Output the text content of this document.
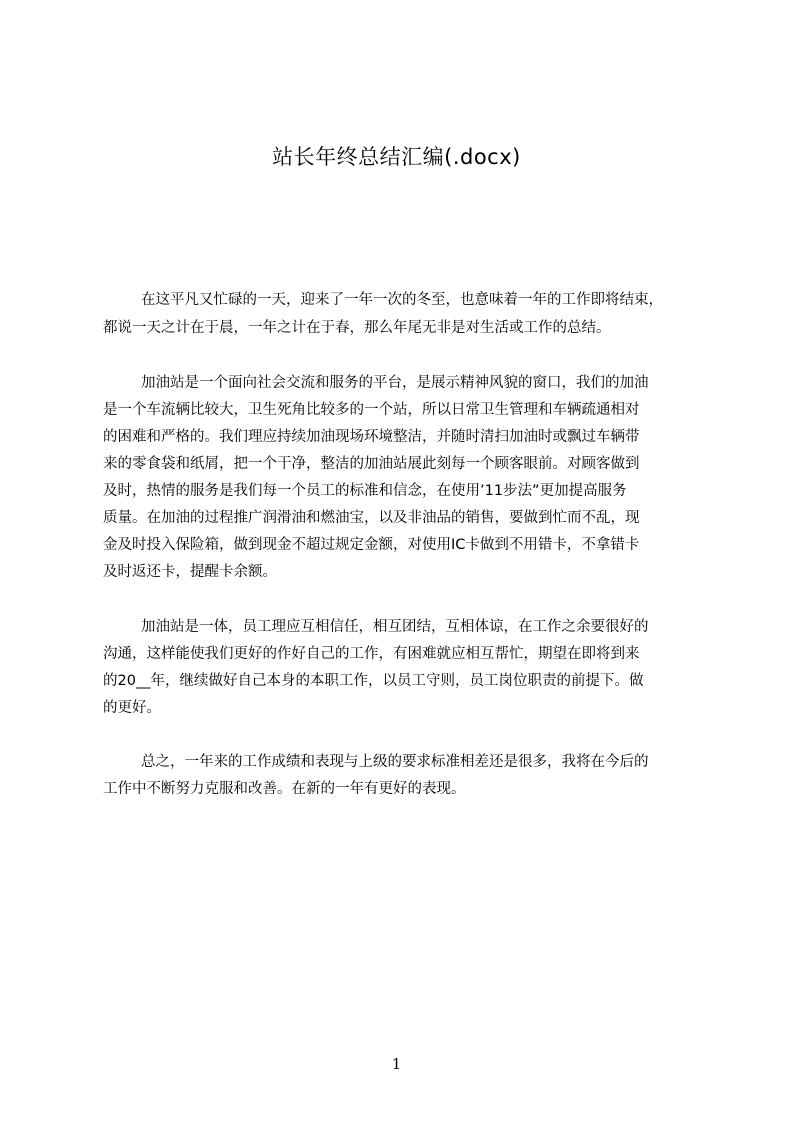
站长年终总结汇编(.docx)
在这平凡又忙碌的一天，迎来了一年一次的冬至，也意味着一年的工作即将结束，
都说一天之计在于晨，一年之计在于春，那么年尾无非是对生活或工作的总结。
加油站是一个面向社会交流和服务的平台，是展示精神风貌的窗口，我们的加油
是一个车流辆比较大，卫生死角比较多的一个站，所以日常卫生管理和车辆疏通相对
的困难和严格的。我们理应持续加油现场环境整洁，并随时清扫加油时或飘过车辆带
来的零食袋和纸屑，把一个干净，整洁的加油站展此刻每一个顾客眼前。对顾客做到
及时，热情的服务是我们每一个员工的标准和信念，在使用’11步法”更加提高服务
质量。在加油的过程推广润滑油和燃油宝，以及非油品的销售，要做到忙而不乱，现
金及时投入保险箱，做到现金不超过规定金额，对使用IC卡做到不用错卡，不拿错卡
及时返还卡，提醒卡余额。
加油站是一体，员工理应互相信任，相互团结，互相体谅，在工作之余要很好的
沟通，这样能使我们更好的作好自己的工作，有困难就应相互帮忙，期望在即将到来
的20__年，继续做好自己本身的本职工作，以员工守则，员工岗位职责的前提下。做
的更好。
总之，一年来的工作成绩和表现与上级的要求标准相差还是很多，我将在今后的
工作中不断努力克服和改善。在新的一年有更好的表现。
1
